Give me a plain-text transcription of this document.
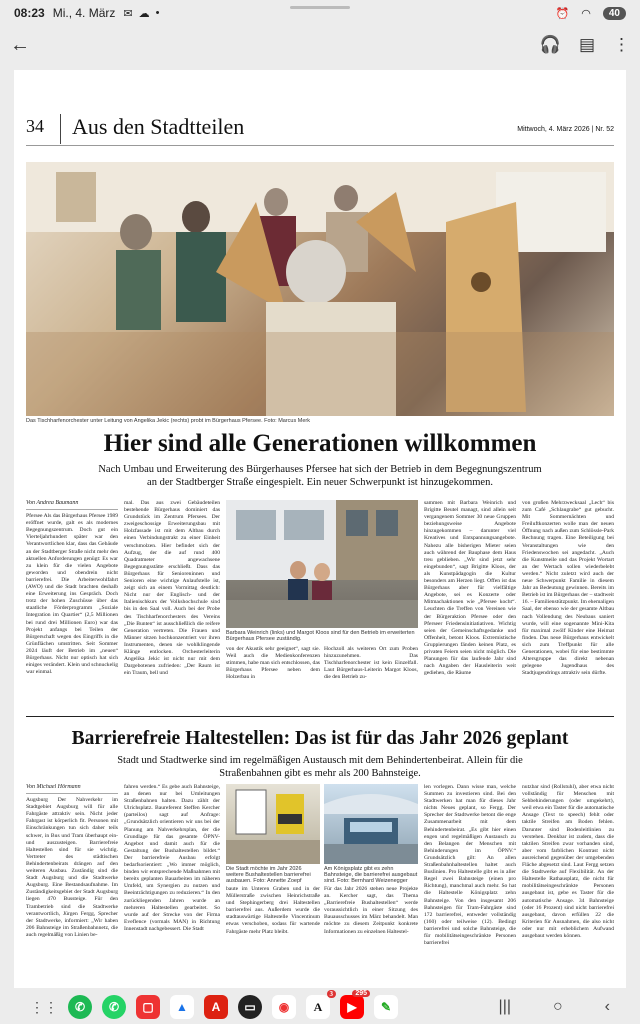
08:23 Mi., 4. März ✉ ☁ •	⏰ ◠	40
←	🎧 ▤ ⋮
34 Aus den Stadtteilen	Mittwoch, 4. März 2026 | Nr. 52
Das Tischharfenorchester unter Leitung von Angelika Jekic (rechts) probt im Bürgerhaus Pfersee. Foto: Marcus Merk
Hier sind alle Generationen willkommen
Nach Umbau und Erweiterung des Bürgerhauses Pfersee hat sich der Betrieb in dem Begegnungszentrum an der Stadtberger Straße eingespielt. Ein neuer Schwerpunkt ist hinzugekommen.
Von Andrea Baumann
Pfersee Als das Bürgerhaus Pfersee 1989 eröffnet wurde, galt es als modernes Begegnungszentrum. Doch gut ein Vierteljahrhundert später war den Verantwortlichen klar, dass das Gebäude an der Stadtberger Straße nicht mehr den aktuellen Anforderungen genügt: Es war zu klein für die vielen Angebote geworden und obendrein nicht barrierefrei. Die Arbeiterwohlfahrt (AWO) und die Stadt brachten deshalb eine Erweiterung ins Gespräch. Doch trotz der hohen Zuschüsse über das staatliche Förderprogramm „Soziale Integration im Quartier“ (2,5 Millionen bei rund drei Millionen Euro) war das Projekt anfangs bei Teilen der Bürgerschaft wegen des Eingriffs in die Grünflächen umstritten. Seit Sommer 2024 läuft der Betrieb im „neuen“ Bürgerhaus. Nicht nur optisch hat sich einiges verändert. Klein und schnuckelig war einmal.
mal. Das aus zwei Gebäudeteilen bestehende Bürgerhaus dominiert das Grundstück im Zentrum Pfersees. Der zweigeschossige Erweiterungsbau mit Holzfassade ist mit dem Altbau durch einen Verbindungstrakt zu einer Einheit verschmolzen. Hier befindet sich der Aufzug, der die auf rund 400 Quadratmeter angewachsene Begegnungsstätte erschließt. Dass das Bürgerhaus für Senioreninnen und Senioren eine wichtige Anlaufstelle ist, zeigt sich an einem Vormittag deutlich: Nicht nur der Englisch- und der Italienischkurs der Volkshochschule sind bis in den Saal voll. Auch bei der Probe des Tischharfenorchesters des Vereins „Die Bunten“ ist ausschließlich die reifere Generation vertreten. Die Frauen und Männer sitzen hochkonzentriert vor ihren Instrumenten, denen sie wohlklingende Klänge entlocken. Orchesterleiterin Angelika Jekic ist nicht nur mit dem Dargebotenen zufrieden: „Der Raum ist ein Traum, bell und
Barbara Weinrich (links) und Margot Kloos sind für den Betrieb im erweiterten Bürgerhaus Pfersee zuständig.
von der Akustik sehr geeignet“, sagt sie. Weil auch die Medienkonferenzen stimmen, habe man sich entschlossen, das Bürgerhaus Pfersee neben dem Holzerbau in
Hochzoll als weiteren Ort zum Proben hinzuzunehmen. Das Tischharfenorchester ist kein Einzelfall. Laut Bürgerhaus-Leiterin Margot Kloos, die den Betrieb zu-
sammen mit Barbara Weinrich und Brigitte Beutel managt, sind allein seit vergangenem Sommer 30 neue Gruppen beziehungsweise Angebote hinzugekommen – darunter viel Kreatives und Entspannungsangebote. Nahezu alle bisherigen Mieter seien auch während der Bauphase dem Haus treu geblieben. „Wir sind jetzt sehr eingebunden“, sagt Brigitte Kloos, der als Kunstpädagogin die Kultur besonders am Herzen liegt. Offen ist das Bürgerhaus aber für vielfältige Angebote, sei es Konzerte oder Mitmachaktionen wie „Pfersee kocht“. Leuchten die Treffen von Vereinen wie der Bürgeraktion Pfersee oder den Pferseer Friedensinitiatiativen. Wichtig seien der Gemeinschaftsgedanke und Offenheit, betont Kloos. Extremistische Gruppierungen fänden keinen Platz, es privaten Feiern seien nicht möglich. Die Planungen für das laufende Jahr sind nach Angaben der Hausleiterin weit gediehen, die Räume
von großen Mehrzwecksaal „Lech“ bis zum Café „Schlaugrabe“ gut gebucht. Mit Sommernächten und Freiluftkonzerten wolle man der neuen Öffnung nach außen zum Schlössle-Park Rechnung tragen. Eine Beteiligung bei Veranstaltungen wie den Friedenswochen sei angedacht. „Auch die Kunstmeile und das Projekt Wortart an der Wertach sollen wiederbelebt werden.“ Nicht zuletzt wird auch der neue Schwerpunkt Familie in diesem Jahr an Bedeutung gewinnen. Bereits im Betrieb ist im Bürgerhaus der – stadtweit 16. – Familienstützpunkt. Im ehemaligen Saal, der ebenso wie der gesamte Altbau nach Vollendung des Neubaus saniert wurde, will eine sogenannte Mini-Kita für maximal zwölf Kinder eine Heimat finden. Das neue Bürgerhaus entwickelt sich zum Treffpunkt für alle Generationen, wobei für eine bestimmte Altersgruppe das direkt nebenan gelegene Jugendhaus des Stadtjugendrings attraktiv sein dürfte.
Barrierefreie Haltestellen: Das ist für das Jahr 2026 geplant
Stadt und Stadtwerke sind im regelmäßigen Austausch mit dem Behindertenbeirat. Allein für die Straßenbahnen gibt es mehr als 200 Bahnsteige.
Von Michael Hörmann
Augsburg Der Nahverkehr im Stadtgebiet Augsburg will für alle Fahrgäste attraktiv sein. Nicht jeder Fahrgast ist körperlich fit. Personen mit Einschränkungen tun sich daher teils schwer, in Bus und Tram überhaupt ein- und auszusteigen. Barrierefreie Haltestellen sind für sie wichtig. Vertreter des städtischen Behindertenbeirats drängen auf den weiteren Ausbau. Zuständig sind die Stadt Augsburg und die Stadtwerke Augsburg. Eine Bestandsaufnahme. Im Zuständigkeitsgebiet der Stadt Augsburg liegen 470 Bussteige. Für den Trambetrieb sind die Stadtwerke verantwortlich, Jürgen Fergg, Sprecher der Stadtwerke, informiert: „Wir haben 206 Bahnsteige im Straßenbahnnetz, die auch regelmäßig von Linien be-
fahren werden.“ Es gebe auch Bahnsteige, an denen nur bei Umleitungen Straßenbahnen halten. Dazu zählt der Ulrichsplatz. Baureferent Steffen Kercher (parteilos) sagt auf Anfrage: „Grundsätzlich orientieren wir uns bei der Planung am Nahverkehrsplan, der die Grundlage für das gesamte ÖPNV-Angebot und damit auch für die Gestaltung der Bushaltestellen bildet.“ Der barrierefreie Ausbau erfolgt bedarfsorientiert: „Wo immer möglich, binden wir entsprechende Maßnahmen mit bereits geplanten Bauarbeiten im näheren Umfeld, um Synergien zu nutzen und Beeinträchtigungen zu reduzieren.“ In den zurückliegenden Jahren wurde an mehreren Haltestellen gearbeitet. So wurde auf der Strecke von der Firma Eveflence (vormals MAN) in Richtung Innenstadt nachgebessert. Die Stadt
Die Stadt möchte im Jahr 2026 weitere Bushaltestellen barrierefrei ausbauen. Foto: Annette Zoepf
Am Königsplatz gibt es zehn Bahnsteige, die barrierefrei ausgebaut sind. Foto: Bernhard Weizenegger
baute im Unteren Graben und in der Müllerstraße zwischen Heinrichstraße und Stephingerberg drei Haltestellen barrierefrei aus. Außerdem wurde die stadtauswärtige Haltestelle Vincentinum etwas verschoben, sodass für wartende Fahrgäste mehr Platz bleibt.
Für das Jahr 2026 stehen neue Projekte an. Kercher sagt, das Thema „Barrierefreie Bushaltestellen“ werde voraussichtlich in einer Sitzung des Bauausschusses im März behandelt. Man möchte zu diesem Zeitpunkt konkrete Informationen zu einzelnen Haltestel-
len vorlegen. Dann wisse man, welche Summen zu investieren sind. Bei den Stadtwerken hat man für dieses Jahr nichts Neues geplant, so Fergg. Der Sprecher der Stadtwerke betont die enge Zusammenarbeit mit dem Behindertenbeirat. „Es gibt hier einen engen und regelmäßigen Austausch zu den Belangen der Menschen mit Behinderungen im ÖPNV.“ Grundsätzlich gilt: An allen Straßenbahnhaltestellen haltet auch Buslinien. Pro Haltestelle gibt es in aller Regel zwei Bahnsteige (einen pro Richtung), manchmal auch mehr. So hat die Haltestelle Königsplatz zehn Bahnsteige. Von den insgesamt 206 Bahnsteigen für Tram-Fahrgäste sind 172 barrierefrei, entweder vollständig (160) oder teilweise (12). Bedingt barrierefrei und solche Bahnsteige, die für mobilitätseingeschränkte Personen barrierefrei
nutzbar sind (Rollstuhl), aber etwa nicht vollständig für Menschen mit Sehbehinderungen (oder umgekehrt), weil etwa ein Taster für die automatische Ansage (Text to speech) fehlt oder taktile Streifen am Boden fehlen. Darunter sind Bodenleitlinien zu verstehen. Denkbar ist zudem, dass die taktilen Streifen zwar vorhanden sind, aber vom farblichen Kontrast nicht ausreichend gegenüber der umgebenden Fläche abgesetzt sind. Laut Fergg setzen die Stadtwerke auf Flexibilität. An der Haltestelle Rathausplatz, die nicht für mobilitätseingeschränkte Personen ausgebaut ist, gebe es Taster für die automatische Ansage. 34 Bahnsteige (oder 16 Prozent) sind nicht barrierefrei ausgebaut, davon erfüllen 22 die Kriterien für Ausnahmen, die also nicht oder nur mit erheblichem Aufwand ausgebaut werden können.
⋮⋮	✆	✆	▢	▲	A	▭	◉	A
3
▶
295
✎	|||	○	‹
